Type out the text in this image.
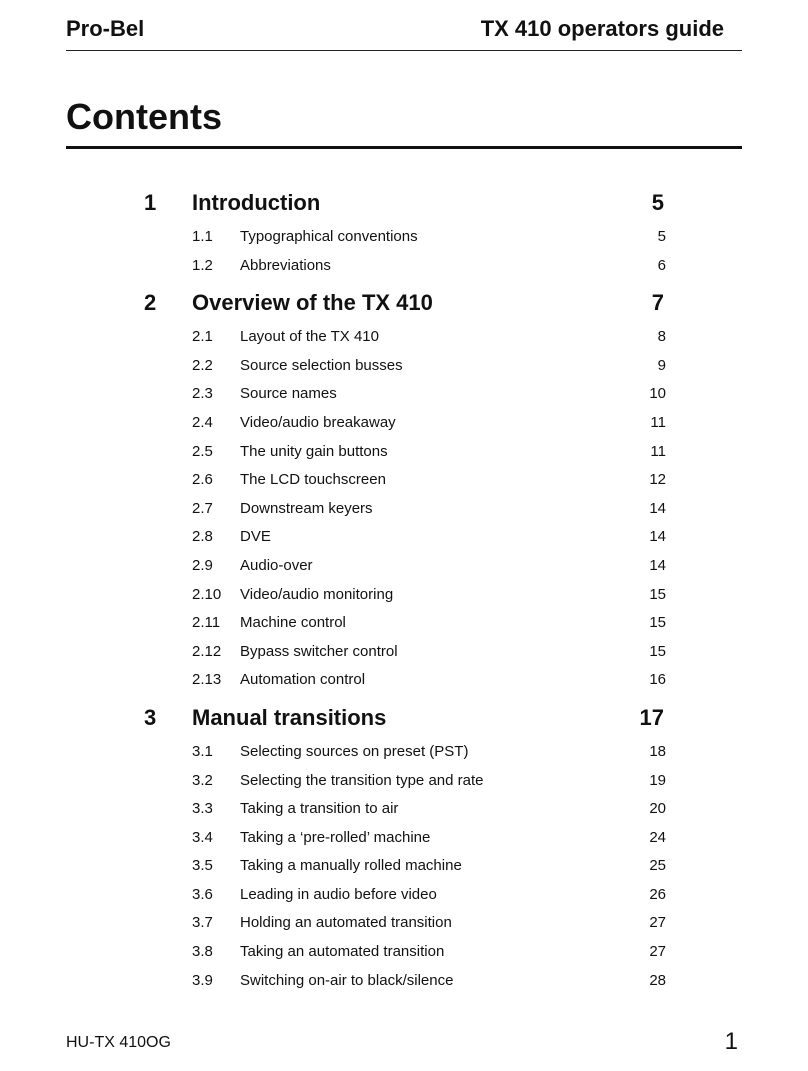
Pro-Bel	TX 410 operators guide
Contents
1 Introduction	5
1.1 Typographical conventions	5
1.2 Abbreviations	6
2 Overview of the TX 410	7
2.1 Layout of the TX 410	8
2.2 Source selection busses	9
2.3 Source names	10
2.4 Video/audio breakaway	11
2.5 The unity gain buttons	11
2.6 The LCD touchscreen	12
2.7 Downstream keyers	14
2.8 DVE	14
2.9 Audio-over	14
2.10 Video/audio monitoring	15
2.11 Machine control	15
2.12 Bypass switcher control	15
2.13 Automation control	16
3 Manual transitions	17
3.1 Selecting sources on preset (PST)	18
3.2 Selecting the transition type and rate	19
3.3 Taking a transition to air	20
3.4 Taking a ‘pre-rolled’ machine	24
3.5 Taking a manually rolled machine	25
3.6 Leading in audio before video	26
3.7 Holding an automated transition	27
3.8 Taking an automated transition	27
3.9 Switching on-air to black/silence	28
HU-TX 410OG	1
